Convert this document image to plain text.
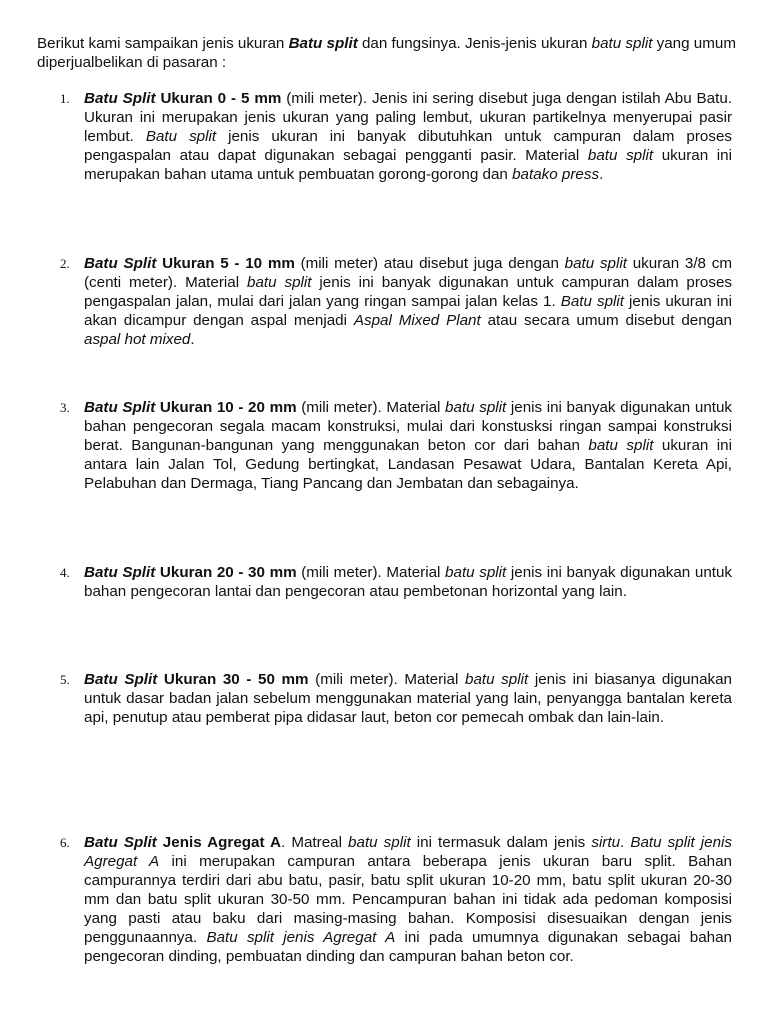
Berikut kami sampaikan jenis ukuran Batu split dan fungsinya. Jenis-jenis ukuran batu split yang umum diperjualbelikan di pasaran :

1. Batu Split Ukuran 0 - 5 mm (mili meter). Jenis ini sering disebut juga dengan istilah Abu Batu. Ukuran ini merupakan jenis ukuran yang paling lembut, ukuran partikelnya menyerupai pasir lembut. Batu split jenis ukuran ini banyak dibutuhkan untuk campuran dalam proses pengaspalan atau dapat digunakan sebagai pengganti pasir. Material batu split ukuran ini merupakan bahan utama untuk pembuatan gorong-gorong dan batako press.

2. Batu Split Ukuran 5 - 10 mm (mili meter) atau disebut juga dengan batu split ukuran 3/8 cm (centi meter). Material batu split jenis ini banyak digunakan untuk campuran dalam proses pengaspalan jalan, mulai dari jalan yang ringan sampai jalan kelas 1. Batu split jenis ukuran ini akan dicampur dengan aspal menjadi Aspal Mixed Plant atau secara umum disebut dengan aspal hot mixed.

3. Batu Split Ukuran 10 - 20 mm (mili meter). Material batu split jenis ini banyak digunakan untuk bahan pengecoran segala macam konstruksi, mulai dari konstusksi ringan sampai konstruksi berat. Bangunan-bangunan yang menggunakan beton cor dari bahan batu split ukuran ini antara lain Jalan Tol, Gedung bertingkat, Landasan Pesawat Udara, Bantalan Kereta Api, Pelabuhan dan Dermaga, Tiang Pancang dan Jembatan dan sebagainya.

4. Batu Split Ukuran 20 - 30 mm (mili meter). Material batu split jenis ini banyak digunakan untuk bahan pengecoran lantai dan pengecoran atau pembetonan horizontal yang lain.

5. Batu Split Ukuran 30 - 50 mm (mili meter). Material batu split jenis ini biasanya digunakan untuk dasar badan jalan sebelum menggunakan material yang lain, penyangga bantalan kereta api, penutup atau pemberat pipa didasar laut, beton cor pemecah ombak dan lain-lain.

6. Batu Split Jenis Agregat A. Matreal batu split ini termasuk dalam jenis sirtu. Batu split jenis Agregat A ini merupakan campuran antara beberapa jenis ukuran baru split. Bahan campurannya terdiri dari abu batu, pasir, batu split ukuran 10-20 mm, batu split ukuran 20-30 mm dan batu split ukuran 30-50 mm. Pencampuran bahan ini tidak ada pedoman komposisi yang pasti atau baku dari masing-masing bahan. Komposisi disesuaikan dengan jenis penggunaannya. Batu split jenis Agregat A ini pada umumnya digunakan sebagai bahan pengecoran dinding, pembuatan dinding dan campuran bahan beton cor.
